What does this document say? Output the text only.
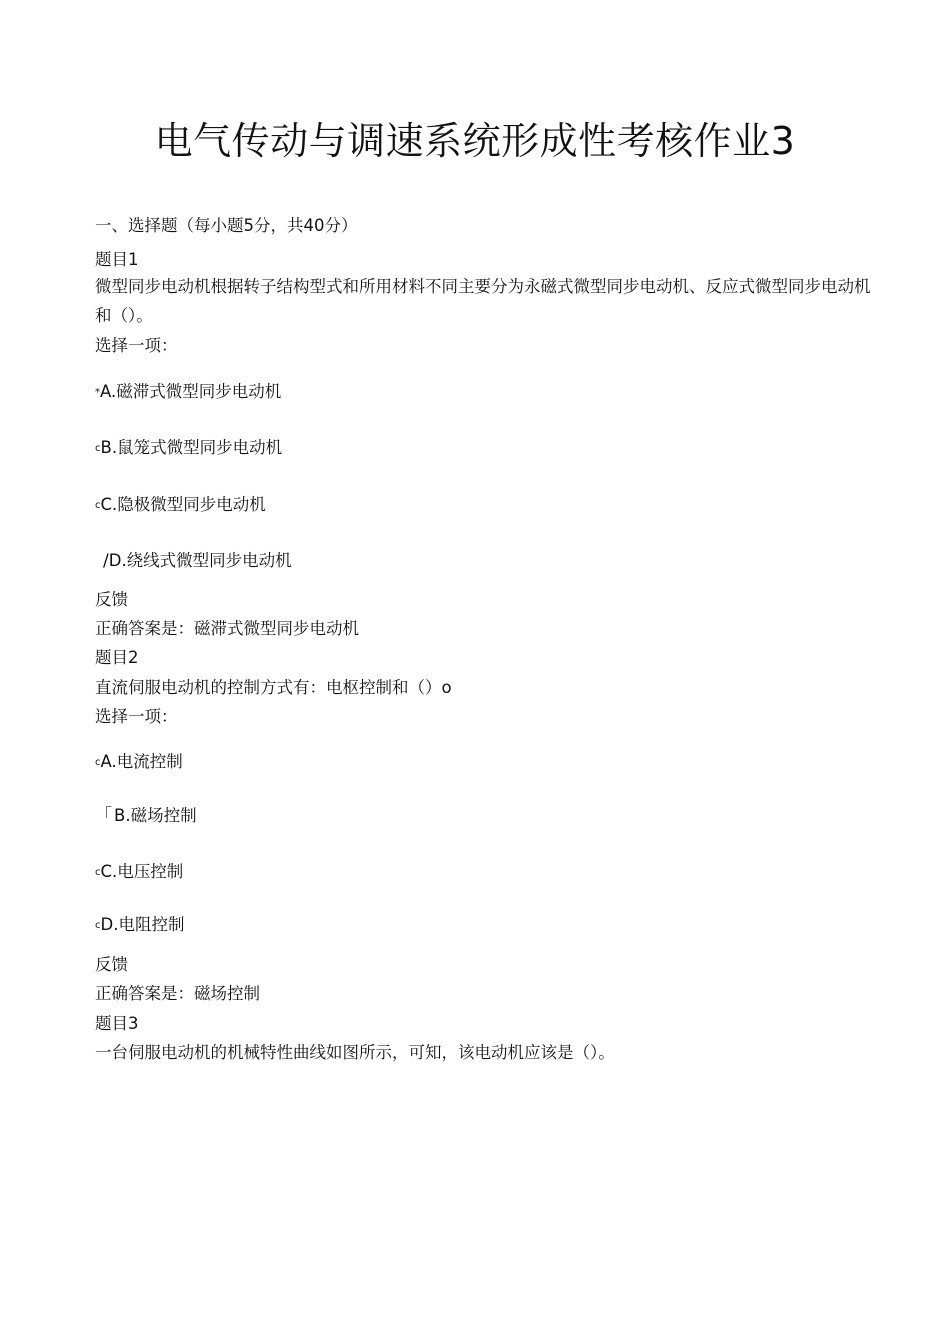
电气传动与调速系统形成性考核作业3
一、选择题（每小题5分，共40分）
题目1
微型同步电动机根据转子结构型式和所用材料不同主要分为永磁式微型同步电动机、反应式微型同步电动机和（）。
选择一项：
*A.磁滞式微型同步电动机
cB.鼠笼式微型同步电动机
cC.隐极微型同步电动机
/D.绕线式微型同步电动机
反馈
正确答案是：磁滞式微型同步电动机
题目2
直流伺服电动机的控制方式有：电枢控制和（）o
选择一项：
cA.电流控制
「 B.磁场控制
cC.电压控制
cD.电阻控制
反馈
正确答案是：磁场控制
题目3
一台伺服电动机的机械特性曲线如图所示，可知，该电动机应该是（）。
